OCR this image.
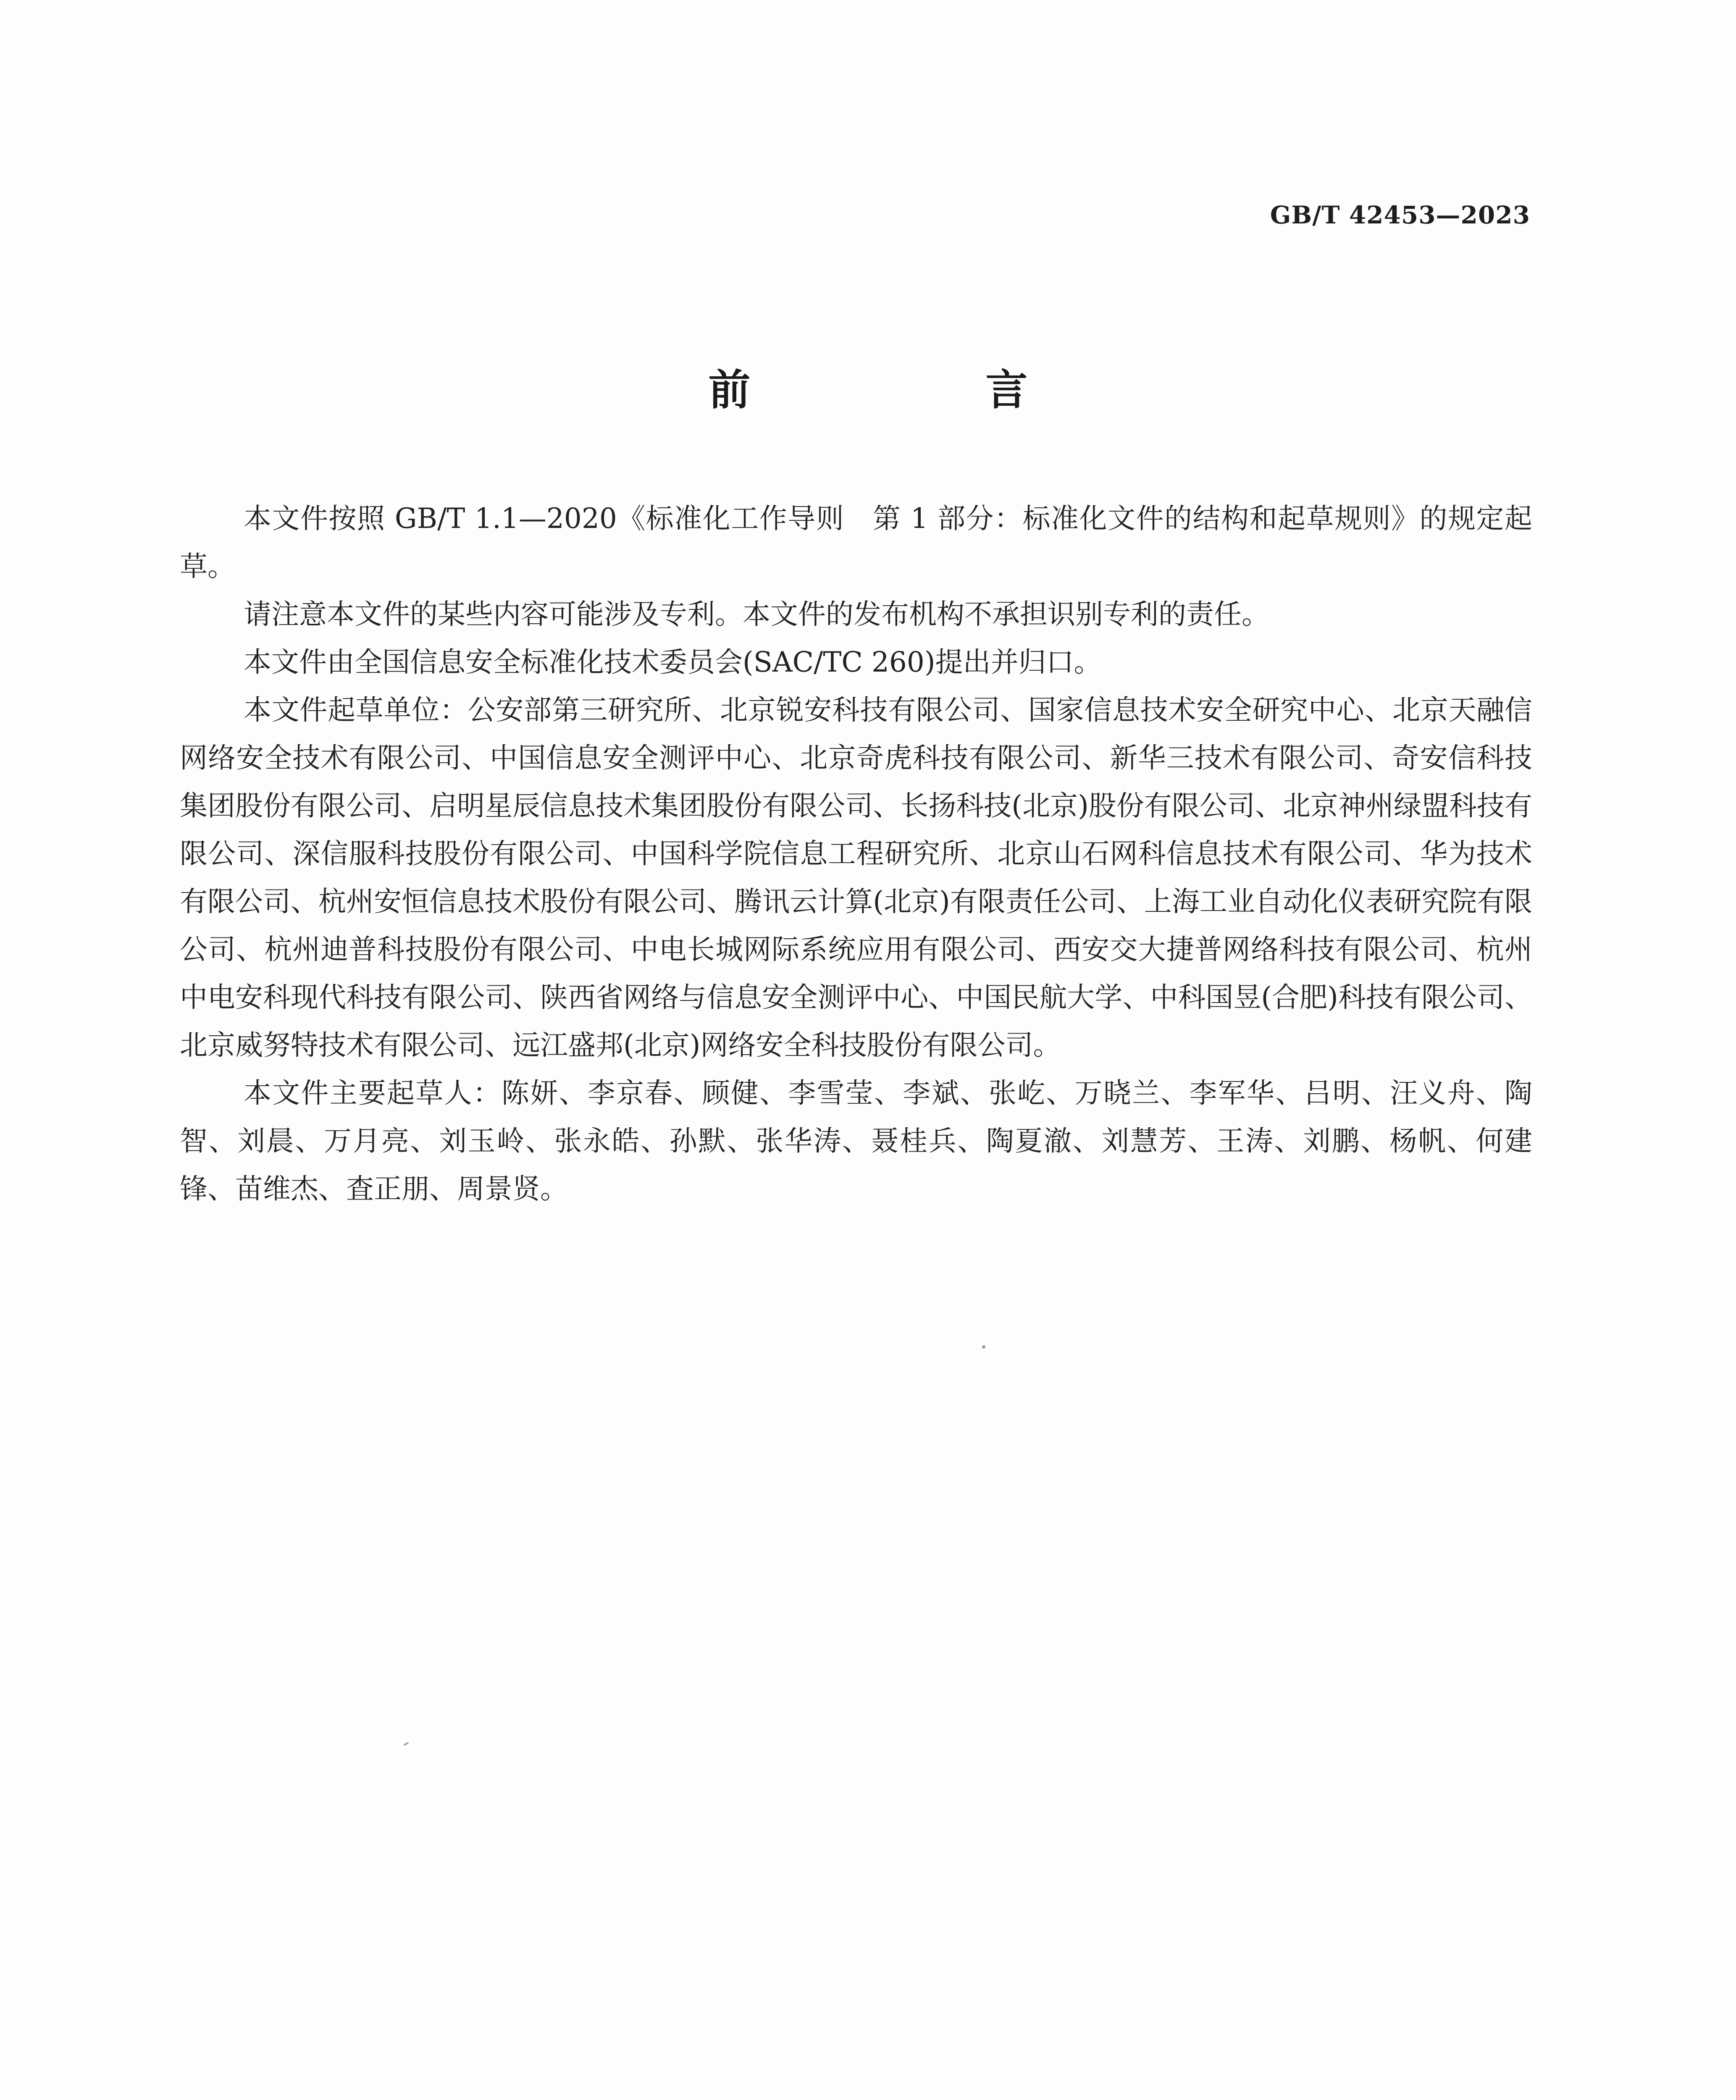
GB/T 42453—2023
前　言

本文件按照 GB/T 1.1—2020《标准化工作导则　第 1 部分：标准化文件的结构和起草规则》的规定起草。

请注意本文件的某些内容可能涉及专利。本文件的发布机构不承担识别专利的责任。

本文件由全国信息安全标准化技术委员会(SAC/TC 260)提出并归口。

本文件起草单位：公安部第三研究所、北京锐安科技有限公司、国家信息技术安全研究中心、北京天融信网络安全技术有限公司、中国信息安全测评中心、北京奇虎科技有限公司、新华三技术有限公司、奇安信科技集团股份有限公司、启明星辰信息技术集团股份有限公司、长扬科技(北京)股份有限公司、北京神州绿盟科技有限公司、深信服科技股份有限公司、中国科学院信息工程研究所、北京山石网科信息技术有限公司、华为技术有限公司、杭州安恒信息技术股份有限公司、腾讯云计算(北京)有限责任公司、上海工业自动化仪表研究院有限公司、杭州迪普科技股份有限公司、中电长城网际系统应用有限公司、西安交大捷普网络科技有限公司、杭州中电安科现代科技有限公司、陕西省网络与信息安全测评中心、中国民航大学、中科国昱(合肥)科技有限公司、北京威努特技术有限公司、远江盛邦(北京)网络安全科技股份有限公司。

本文件主要起草人：陈妍、李京春、顾健、李雪莹、李斌、张屹、万晓兰、李军华、吕明、汪义舟、陶智、刘晨、万月亮、刘玉岭、张永皓、孙默、张华涛、聂桂兵、陶夏澈、刘慧芳、王涛、刘鹏、杨帆、何建锋、苗维杰、査正朋、周景贤。
